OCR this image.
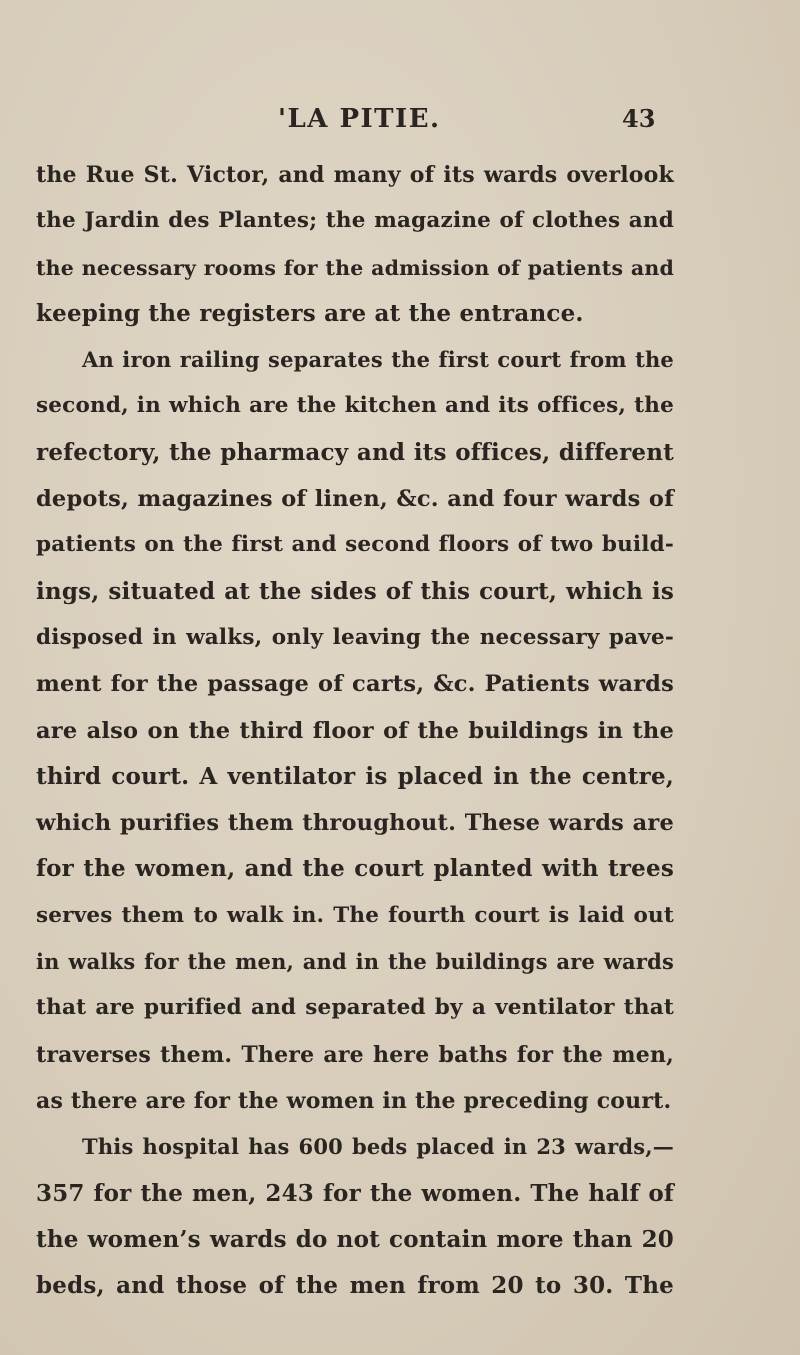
'LA PITIE.	43
the Rue St. Victor, and many of its wards overlook
the Jardin des Plantes; the magazine of clothes and
the necessary rooms for the admission of patients and
keeping the registers are at the entrance.
An iron railing separates the first court from the
second, in which are the kitchen and its offices, the
refectory, the pharmacy and its offices, different
depots, magazines of linen, &c. and four wards of
patients on the first and second floors of two build-
ings, situated at the sides of this court, which is
disposed in walks, only leaving the necessary pave-
ment for the passage of carts, &c. Patients wards
are also on the third floor of the buildings in the
third court. A ventilator is placed in the centre,
which purifies them throughout. These wards are
for the women, and the court planted with trees
serves them to walk in. The fourth court is laid out
in walks for the men, and in the buildings are wards
that are purified and separated by a ventilator that
traverses them. There are here baths for the men,
as there are for the women in the preceding court.
This hospital has 600 beds placed in 23 wards,—
357 for the men, 243 for the women. The half of
the women’s wards do not contain more than 20
beds, and those of the men from 20 to 30. The
